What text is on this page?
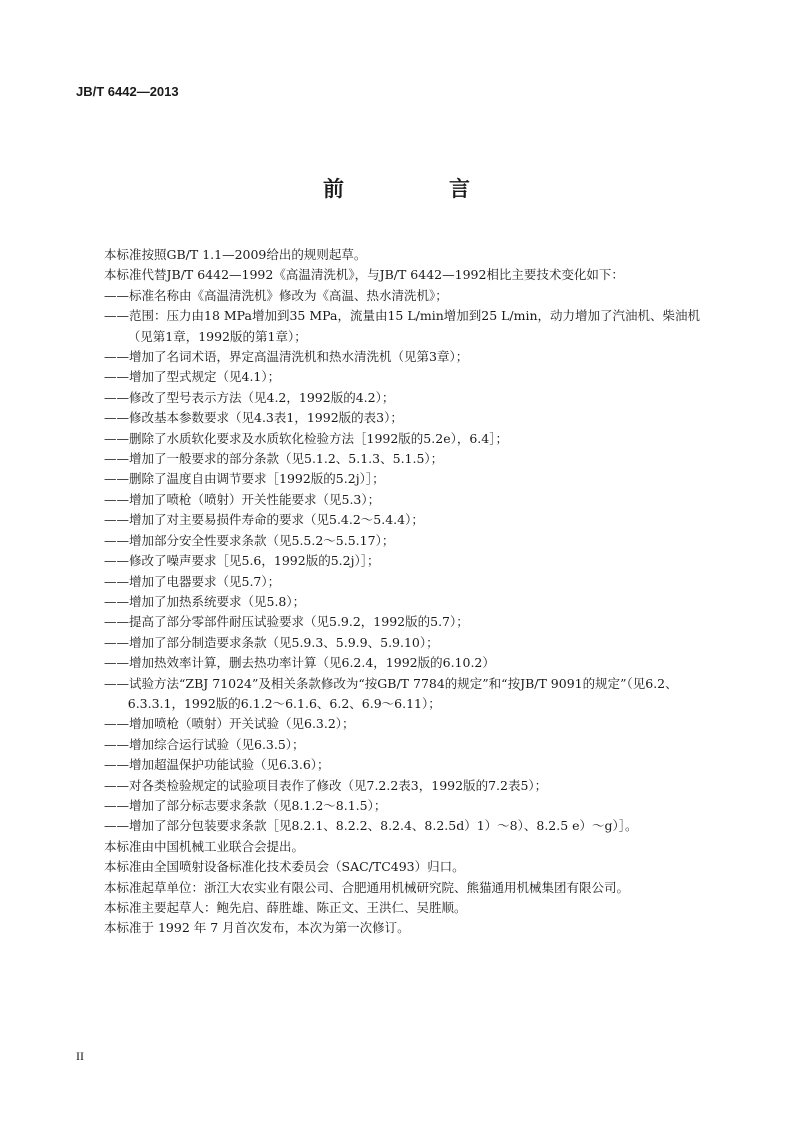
JB/T 6442—2013
前　言
本标准按照GB/T 1.1—2009给出的规则起草。
本标准代替JB/T 6442—1992《高温清洗机》，与JB/T 6442—1992相比主要技术变化如下：
——标准名称由《高温清洗机》修改为《高温、热水清洗机》；
——范围：压力由18 MPa增加到35 MPa，流量由15 L/min增加到25 L/min，动力增加了汽油机、柴油机（见第1章，1992版的第1章）；
——增加了名词术语，界定高温清洗机和热水清洗机（见第3章）；
——增加了型式规定（见4.1）；
——修改了型号表示方法（见4.2，1992版的4.2）；
——修改基本参数要求（见4.3表1，1992版的表3）；
——删除了水质软化要求及水质软化检验方法［1992版的5.2e），6.4］；
——增加了一般要求的部分条款（见5.1.2、5.1.3、5.1.5）；
——删除了温度自由调节要求［1992版的5.2j）］；
——增加了喷枪（喷射）开关性能要求（见5.3）；
——增加了对主要易损件寿命的要求（见5.4.2～5.4.4）；
——增加部分安全性要求条款（见5.5.2～5.5.17）；
——修改了噪声要求［见5.6，1992版的5.2j）］；
——增加了电器要求（见5.7）；
——增加了加热系统要求（见5.8）；
——提高了部分零部件耐压试验要求（见5.9.2，1992版的5.7）；
——增加了部分制造要求条款（见5.9.3、5.9.9、5.9.10）；
——增加热效率计算，删去热功率计算（见6.2.4，1992版的6.10.2）
——试验方法“ZBJ 71024”及相关条款修改为“按GB/T 7784的规定”和“按JB/T 9091的规定”（见6.2、6.3.3.1，1992版的6.1.2～6.1.6、6.2、6.9～6.11）；
——增加喷枪（喷射）开关试验（见6.3.2）；
——增加综合运行试验（见6.3.5）；
——增加超温保护功能试验（见6.3.6）；
——对各类检验规定的试验项目表作了修改（见7.2.2表3，1992版的7.2表5）；
——增加了部分标志要求条款（见8.1.2～8.1.5）；
——增加了部分包装要求条款［见8.2.1、8.2.2、8.2.4、8.2.5d）1）～8）、8.2.5 e）～g）］。
本标准由中国机械工业联合会提出。
本标准由全国喷射设备标准化技术委员会（SAC/TC493）归口。
本标准起草单位：浙江大农实业有限公司、合肥通用机械研究院、熊猫通用机械集团有限公司。
本标准主要起草人：鲍先启、薛胜雄、陈正文、王洪仁、吴胜顺。
本标准于 1992 年 7 月首次发布，本次为第一次修订。
II
